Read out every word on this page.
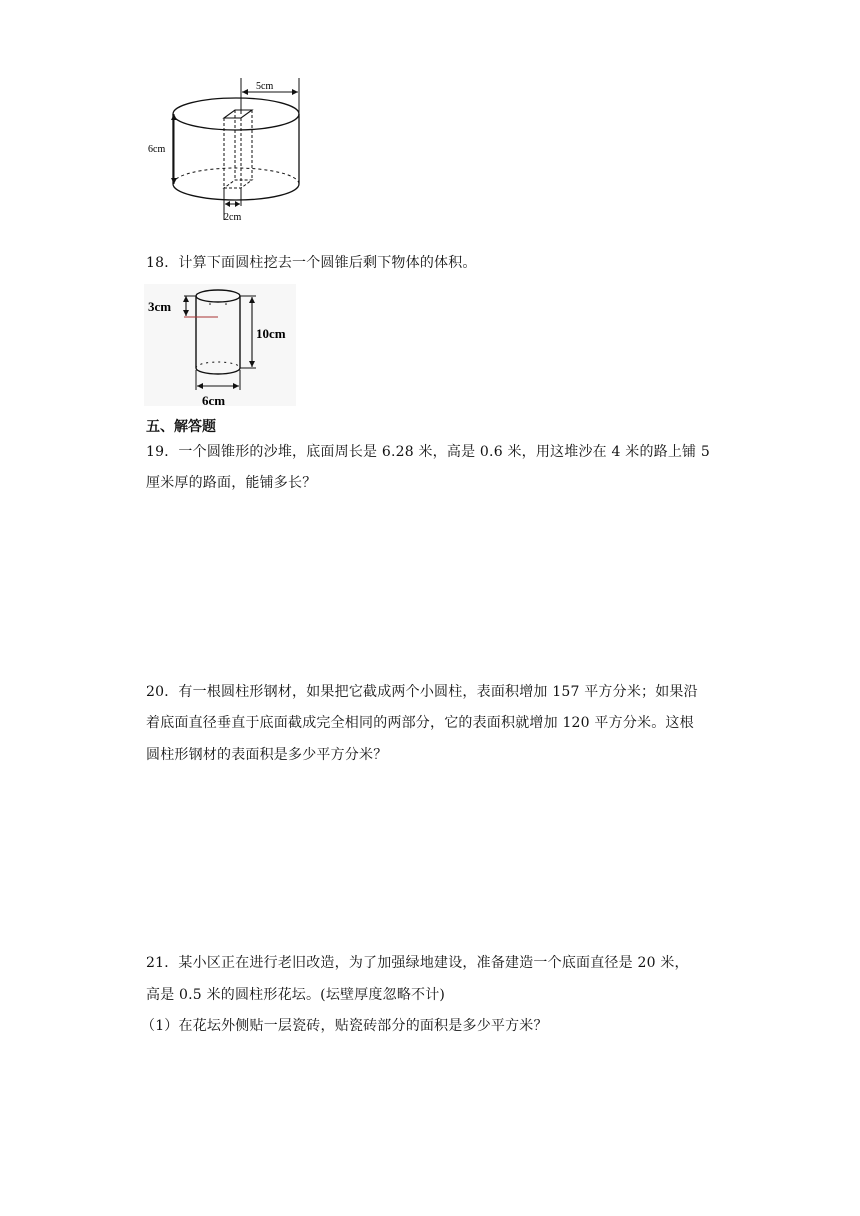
5cm
6cm
2cm
18．计算下面圆柱挖去一个圆锥后剩下物体的体积。
3cm
10cm
6cm
五、解答题
19．一个圆锥形的沙堆，底面周长是 6.28 米，高是 0.6 米，用这堆沙在 4 米的路上铺 5
厘米厚的路面，能铺多长？
20．有一根圆柱形钢材，如果把它截成两个小圆柱，表面积增加 157 平方分米；如果沿
着底面直径垂直于底面截成完全相同的两部分，它的表面积就增加 120 平方分米。这根
圆柱形钢材的表面积是多少平方分米？
21．某小区正在进行老旧改造，为了加强绿地建设，准备建造一个底面直径是 20 米，
高是 0.5 米的圆柱形花坛。(坛壁厚度忽略不计)
（1）在花坛外侧贴一层瓷砖，贴瓷砖部分的面积是多少平方米？
